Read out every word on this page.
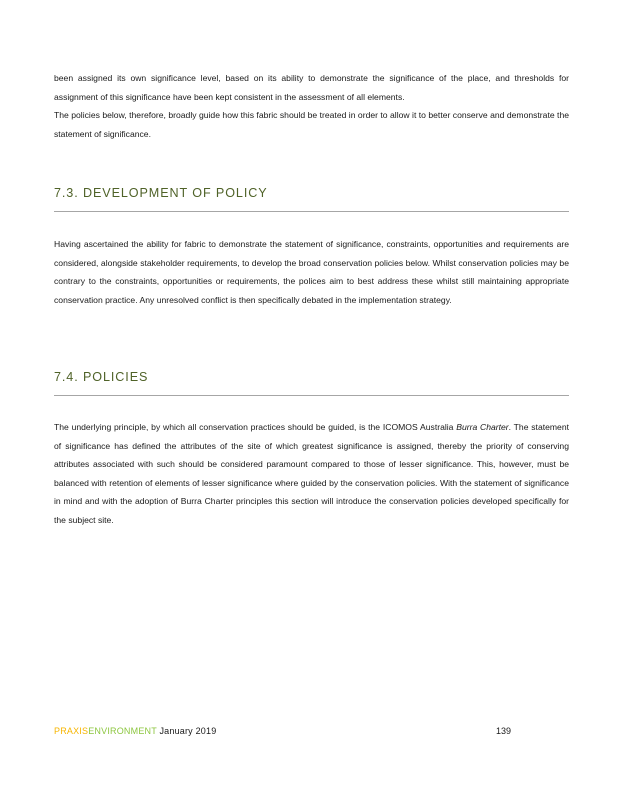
been assigned its own significance level, based on its ability to demonstrate the significance of the place, and thresholds for assignment of this significance have been kept consistent in the assessment of all elements.
The policies below, therefore, broadly guide how this fabric should be treated in order to allow it to better conserve and demonstrate the statement of significance.

7.3. DEVELOPMENT OF POLICY

Having ascertained the ability for fabric to demonstrate the statement of significance, constraints, opportunities and requirements are considered, alongside stakeholder requirements, to develop the broad conservation policies below. Whilst conservation policies may be contrary to the constraints, opportunities or requirements, the polices aim to best address these whilst still maintaining appropriate conservation practice. Any unresolved conflict is then specifically debated in the implementation strategy.

7.4. POLICIES

The underlying principle, by which all conservation practices should be guided, is the ICOMOS Australia Burra Charter. The statement of significance has defined the attributes of the site of which greatest significance is assigned, thereby the priority of conserving attributes associated with such should be considered paramount compared to those of lesser significance. This, however, must be balanced with retention of elements of lesser significance where guided by the conservation policies. With the statement of significance in mind and with the adoption of Burra Charter principles this section will introduce the conservation policies developed specifically for the subject site.

PRAXISENVIRONMENT January 2019	139
